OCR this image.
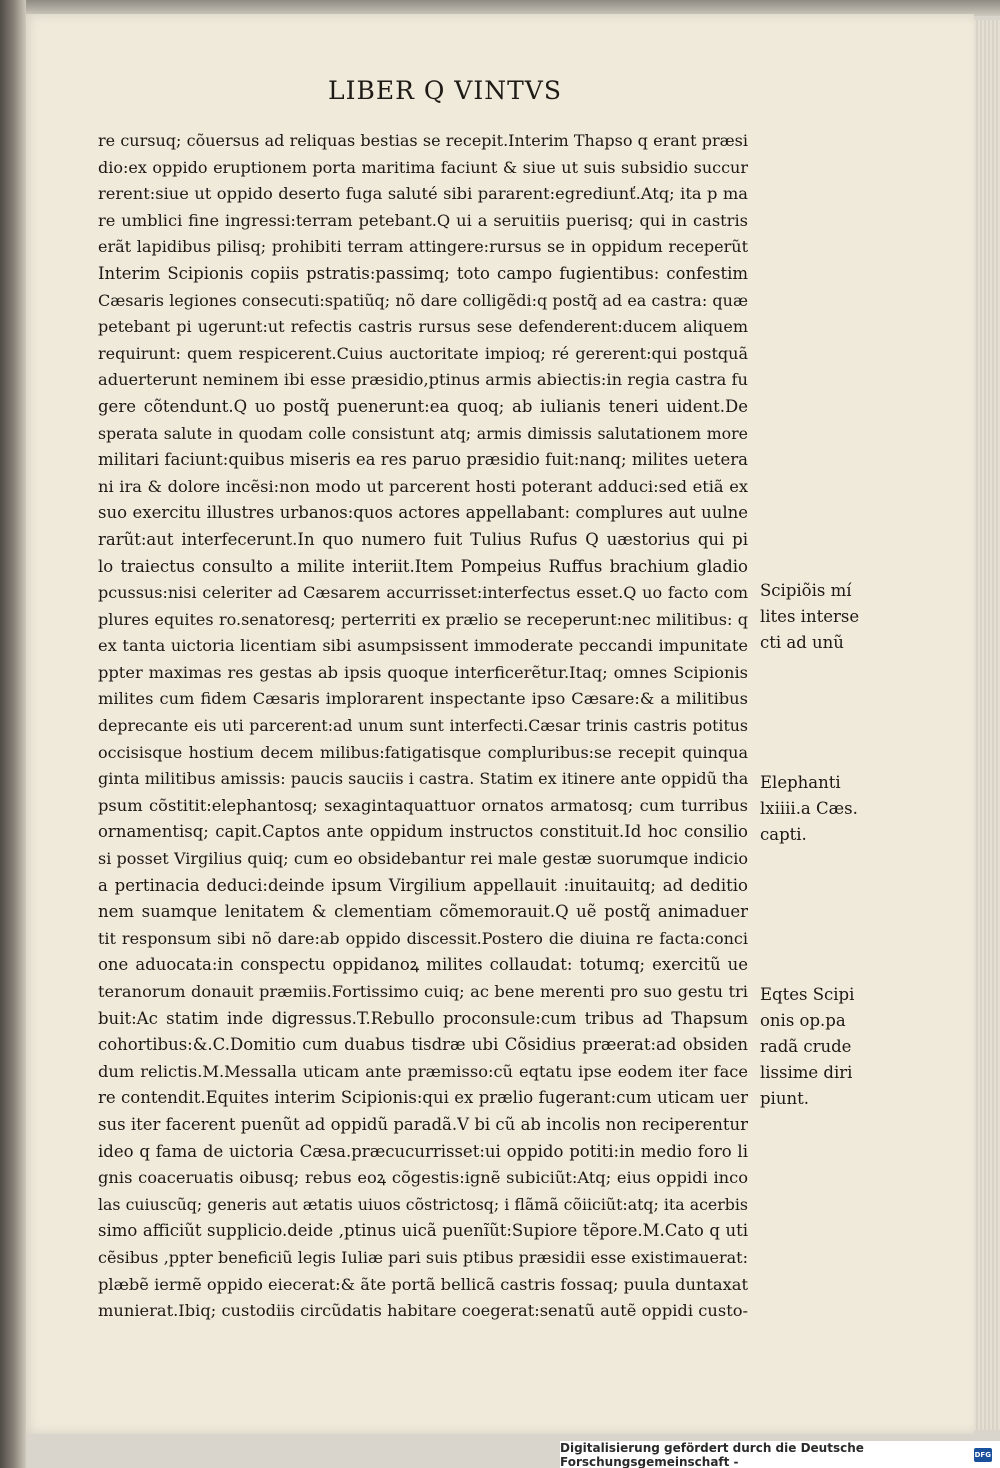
LIBER Q VINTVS
re cursuq; cõuersus ad reliquas bestias se recepit.Interim Thapso q erant præsi
dio:ex oppido eruptionem porta maritima faciunt & siue ut suis subsidio succur
rerent:siue ut oppido deserto fuga saluté sibi pararent:egrediunť.Atq; ita p ma
re umblici fine ingressi:terram petebant.Q ui a seruitiis puerisq; qui in castris
erãt lapidibus pilisq; prohibiti terram attingere:rursus se in oppidum receperũt
Interim Scipionis copiis pstratis:passimq; toto campo fugientibus: confestim
Cæsaris legiones consecuti:spatiũq; nõ dare colligẽdi:q postq̃ ad ea castra: quæ
petebant pi ugerunt:ut refectis castris rursus sese defenderent:ducem aliquem
requirunt: quem respicerent.Cuius auctoritate impioq; ré gererent:qui postquã
aduerterunt neminem ibi esse præsidio,ptinus armis abiectis:in regia castra fu
gere cõtendunt.Q uo postq̃ puenerunt:ea quoq; ab iulianis teneri uident.De
sperata salute in quodam colle consistunt atq; armis dimissis salutationem more
militari faciunt:quibus miseris ea res paruo præsidio fuit:nanq; milites uetera
ni ira & dolore incẽsi:non modo ut parcerent hosti poterant adduci:sed etiã ex
suo exercitu illustres urbanos:quos actores appellabant: complures aut uulne
rarũt:aut interfecerunt.In quo numero fuit Tulius Rufus Q uæstorius qui pi
lo traiectus consulto a milite interiit.Item Pompeius Ruffus brachium gladio
pcussus:nisi celeriter ad Cæsarem accurrisset:interfectus esset.Q uo facto com
plures equites ro.senatoresq; perterriti ex prælio se receperunt:nec militibus: q
ex tanta uictoria licentiam sibi asumpsissent immoderate peccandi impunitate
ppter maximas res gestas ab ipsis quoque interficerẽtur.Itaq; omnes Scipionis
milites cum fidem Cæsaris implorarent inspectante ipso Cæsare:& a militibus
deprecante eis uti parcerent:ad unum sunt interfecti.Cæsar trinis castris potitus
occisisque hostium decem milibus:fatigatisque compluribus:se recepit quinqua
ginta militibus amissis: paucis sauciis i castra. Statim ex itinere ante oppidũ tha
psum cõstitit:elephantosq; sexagintaquattuor ornatos armatosq; cum turribus
ornamentisq; capit.Captos ante oppidum instructos constituit.Id hoc consilio
si posset Virgilius quiq; cum eo obsidebantur rei male gestæ suorumque indicio
a pertinacia deduci:deinde ipsum Virgilium appellauit :inuitauitq; ad deditio
nem suamque lenitatem & clementiam cõmemorauit.Q uẽ postq̃ animaduer
tit responsum sibi nõ dare:ab oppido discessit.Postero die diuina re facta:conci
one aduocata:in conspectu oppidanoꝝ milites collaudat: totumq; exercitũ ue
teranorum donauit præmiis.Fortissimo cuiq; ac bene merenti pro suo gestu tri
buit:Ac statim inde digressus.T.Rebullo proconsule:cum tribus ad Thapsum
cohortibus:&.C.Domitio cum duabus tisdræ ubi Cõsidius præerat:ad obsiden
dum relictis.M.Messalla uticam ante præmisso:cũ eqtatu ipse eodem iter face
re contendit.Equites interim Scipionis:qui ex prælio fugerant:cum uticam uer
sus iter facerent puenũt ad oppidũ paradã.V bi cũ ab incolis non reciperentur
ideo q fama de uictoria Cæsa.præcucurrisset:ui oppido potiti:in medio foro li
gnis coaceruatis oibusq; rebus eoꝝ cõgestis:ignẽ subiciũt:Atq; eius oppidi inco
las cuiuscũq; generis aut ætatis uiuos cõstrictosq; i flãmã cõiiciũt:atq; ita acerbis
simo afficiũt supplicio.deide ,ptinus uicã puenĩũt:Supiore tẽpore.M.Cato q uti
cẽsibus ,ppter beneficiũ legis Iuliæ pari suis ptibus præsidii esse existimauerat:
plæbẽ iermẽ oppido eiecerat:& ãte portã bellicã castris fossaq; puula duntaxat
munierat.Ibiq; custodiis circũdatis habitare coegerat:senatũ autẽ oppidi custo-
Scipiõis mí
lites interse
cti ad unũ
Elephanti
lxiiii.a Cæs.
capti.
Eqtes Scipi
onis op.pa
radã crude
lissime diri
piunt.
Digitalisierung gefördert durch die Deutsche Forschungsgemeinschaft -	DFG
